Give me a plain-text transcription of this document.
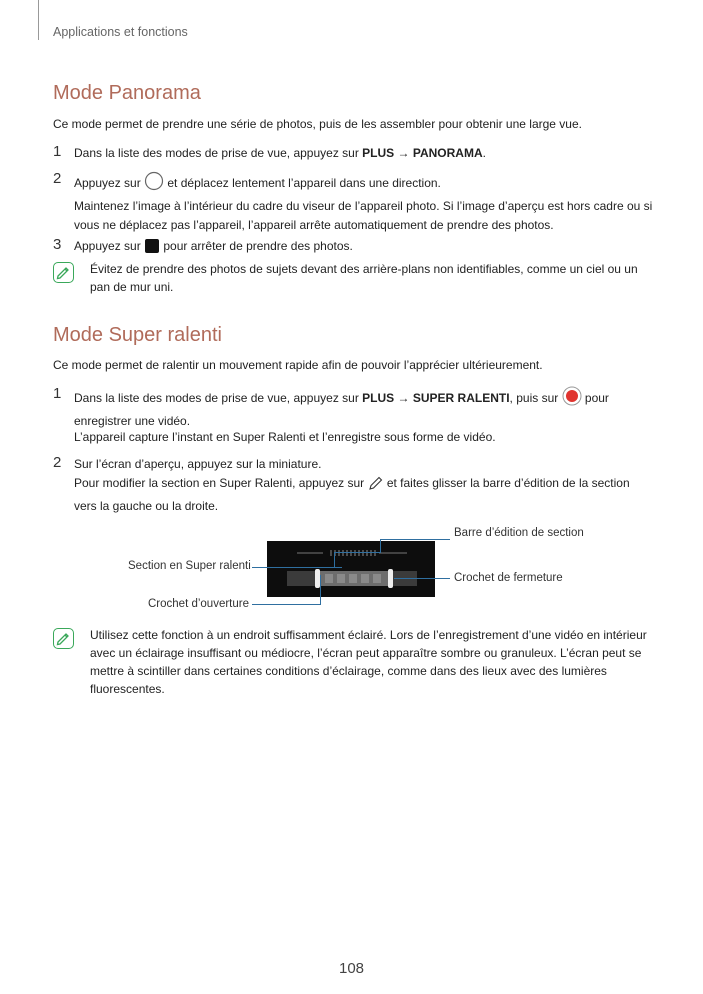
Applications et fonctions
Mode Panorama
Ce mode permet de prendre une série de photos, puis de les assembler pour obtenir une large vue.
1 Dans la liste des modes de prise de vue, appuyez sur PLUS → PANORAMA.
2 Appuyez sur  et déplacez lentement l’appareil dans une direction.
Maintenez l’image à l’intérieur du cadre du viseur de l’appareil photo. Si l’image d’aperçu est hors cadre ou si vous ne déplacez pas l’appareil, l’appareil arrête automatiquement de prendre des photos.
3 Appuyez sur  pour arrêter de prendre des photos.
Évitez de prendre des photos de sujets devant des arrière-plans non identifiables, comme un ciel ou un pan de mur uni.
Mode Super ralenti
Ce mode permet de ralentir un mouvement rapide afin de pouvoir l’apprécier ultérieurement.
1 Dans la liste des modes de prise de vue, appuyez sur PLUS → SUPER RALENTI, puis sur  pour enregistrer une vidéo.
L’appareil capture l’instant en Super Ralenti et l’enregistre sous forme de vidéo.
2 Sur l’écran d’aperçu, appuyez sur la miniature.
Pour modifier la section en Super Ralenti, appuyez sur  et faites glisser la barre d’édition de la section vers la gauche ou la droite.
Barre d’édition de section
Section en Super ralenti
Crochet de fermeture
Crochet d’ouverture
Utilisez cette fonction à un endroit suffisamment éclairé. Lors de l’enregistrement d’une vidéo en intérieur avec un éclairage insuffisant ou médiocre, l’écran peut apparaître sombre ou granuleux. L’écran peut se mettre à scintiller dans certaines conditions d’éclairage, comme dans des lieux avec des lumières fluorescentes.
108
